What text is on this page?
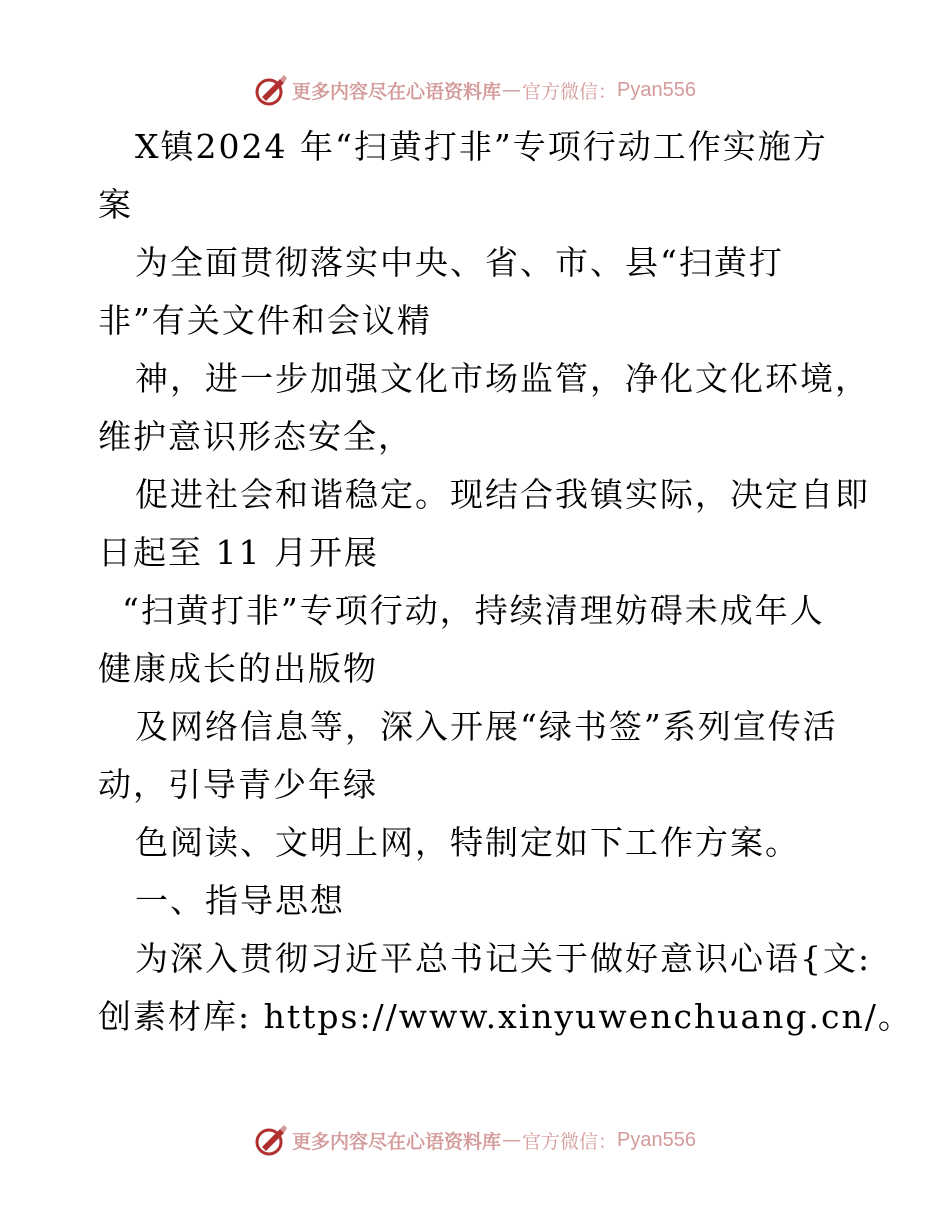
更多内容尽在心语资料库 — 官方微信： Pyan556
X镇2024 年“扫黄打非”专项行动工作实施方
案
为全面贯彻落实中央、省、市、县“扫黄打
非”有关文件和会议精
神，进一步加强文化市场监管，净化文化环境，
维护意识形态安全，
促进社会和谐稳定。现结合我镇实际，决定自即
日起至 11 月开展
“扫黄打非”专项行动，持续清理妨碍未成年人
健康成长的出版物
及网络信息等，深入开展“绿书签”系列宣传活
动，引导青少年绿
色阅读、文明上网，特制定如下工作方案。
一、指导思想
为深入贯彻习近平总书记关于做好意识心语{文:
创素材库: https://www.xinyuwenchuang.cn/。
更多内容尽在心语资料库 — 官方微信： Pyan556
